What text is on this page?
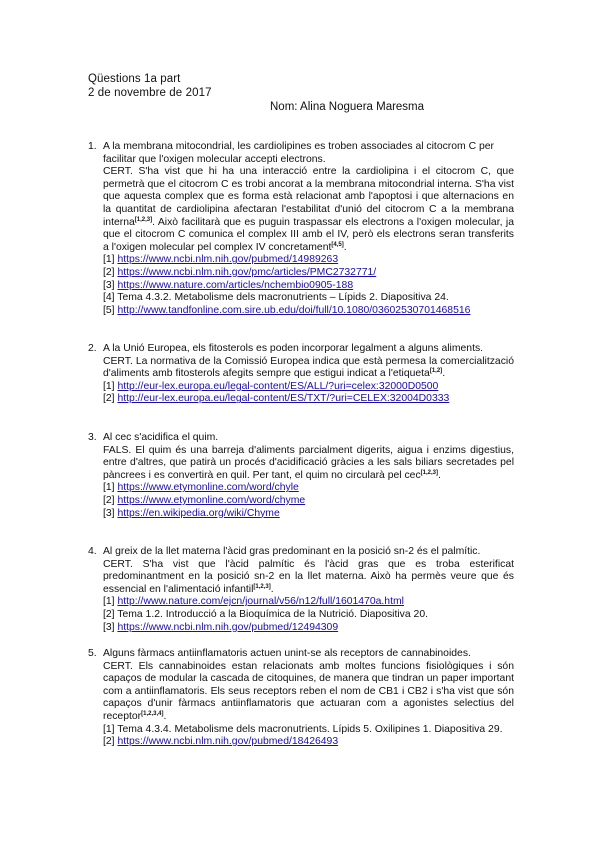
Qüestions 1a part
2 de novembre de 2017
Nom: Alina Noguera Maresma
1. A la membrana mitocondrial, les cardiolipines es troben associades al citocrom C per facilitar que l'oxigen molecular accepti electrons.
CERT. S'ha vist que hi ha una interacció entre la cardiolipina i el citocrom C, que permetrà que el citocrom C es trobi ancorat a la membrana mitocondrial interna. S'ha vist que aquesta complex que es forma està relacionat amb l'apoptosi i que alternacions en la quantitat de cardiolipina afectaran l'estabilitat d'unió del citocrom C a la membrana interna[1,2,3]. Això facilitarà que es puguin traspassar els electrons a l'oxigen molecular, ja que el citocrom C comunica el complex III amb el IV, però els electrons seran transferits a l'oxigen molecular pel complex IV concretament[4,5].
[1] https://www.ncbi.nlm.nih.gov/pubmed/14989263
[2] https://www.ncbi.nlm.nih.gov/pmc/articles/PMC2732771/
[3] https://www.nature.com/articles/nchembio0905-188
[4] Tema 4.3.2. Metabolisme dels macronutrients – Lípids 2. Diapositiva 24.
[5] http://www.tandfonline.com.sire.ub.edu/doi/full/10.1080/03602530701468516
2. A la Unió Europea, els fitosterols es poden incorporar legalment a alguns aliments.
CERT. La normativa de la Comissió Europea indica que està permesa la comercialització d'aliments amb fitosterols afegits sempre que estigui indicat a l'etiqueta[1,2].
[1] http://eur-lex.europa.eu/legal-content/ES/ALL/?uri=celex:32000D0500
[2] http://eur-lex.europa.eu/legal-content/ES/TXT/?uri=CELEX:32004D0333
3. Al cec s'acidifica el quim.
FALS. El quim és una barreja d'aliments parcialment digerits, aigua i enzims digestius, entre d'altres, que patirà un procés d'acidificació gràcies a les sals biliars secretades pel pàncrees i es convertirà en quil. Per tant, el quim no circularà pel cec[1,2,3].
[1] https://www.etymonline.com/word/chyle
[2] https://www.etymonline.com/word/chyme
[3] https://en.wikipedia.org/wiki/Chyme
4. Al greix de la llet materna l'àcid gras predominant en la posició sn-2 és el palmític.
CERT. S'ha vist que l'àcid palmític és l'àcid gras que es troba esterificat predominantment en la posició sn-2 en la llet materna. Això ha permès veure que és essencial en l'alimentació infantil[1,2,3].
[1] http://www.nature.com/ejcn/journal/v56/n12/full/1601470a.html
[2] Tema 1.2. Introducció a la Bioquímica de la Nutrició. Diapositiva 20.
[3] https://www.ncbi.nlm.nih.gov/pubmed/12494309
5. Alguns fàrmacs antiinflamatoris actuen unint-se als receptors de cannabinoides.
CERT. Els cannabinoides estan relacionats amb moltes funcions fisiològiques i són capaços de modular la cascada de citoquines, de manera que tindran un paper important com a antiinflamatoris. Els seus receptors reben el nom de CB1 i CB2 i s'ha vist que són capaços d'unir fàrmacs antiinflamatoris que actuaran com a agonistes selectius del receptor[1,2,3,4].
[1] Tema 4.3.4. Metabolisme dels macronutrients. Lípids 5. Oxilipines 1. Diapositiva 29.
[2] https://www.ncbi.nlm.nih.gov/pubmed/18426493
